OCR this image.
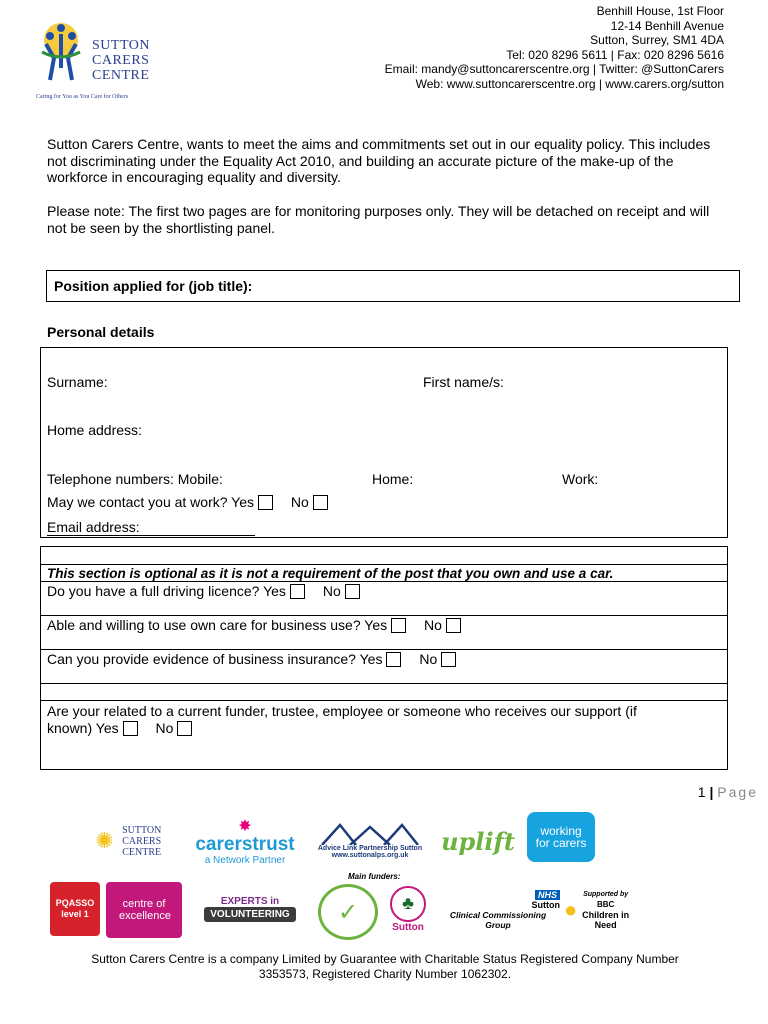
SUTTON
CARERS
CENTRE
Caring for You as You Care for Others
Benhill House, 1st Floor
12-14 Benhill Avenue
Sutton, Surrey, SM1 4DA
Tel: 020 8296 5611 | Fax: 020 8296 5616
Email: mandy@suttoncarerscentre.org | Twitter: @SuttonCarers
Web: www.suttoncarerscentre.org | www.carers.org/sutton
Sutton Carers Centre, wants to meet the aims and commitments set out in our equality policy. This includes not discriminating under the Equality Act 2010, and building an accurate picture of the make-up of the workforce in encouraging equality and diversity.
Please note: The first two pages are for monitoring purposes only. They will be detached on receipt and will not be seen by the shortlisting panel.
Position applied for (job title):
Personal details
Surname:	First name/s:
Home address:
Telephone numbers: Mobile:	Home:	Work:
May we contact you at work? Yes	No
Email address:
This section is optional as it is not a requirement of the post that you own and use a car.
Do you have a full driving licence? Yes	No
Able and willing to use own care for business use? Yes	No
Can you provide evidence of business insurance? Yes	No
Are your related to a current funder, trustee, employee or someone who receives our support (if
known) Yes	No
1 | Page
✺ SUTTON CARERS CENTRE
✸
carerstrust
a Network Partner
Advice Link Partnership Sutton
www.suttonalps.org.uk uplift	working for carers
PQASSO level 1
centre of excellence
EXPERTS in
VOLUNTEERING
Main funders:
✓	♣
Sutton
NHS
Sutton
Clinical Commissioning Group
●
Supported by
BBC
Children in Need
Sutton Carers Centre is a company Limited by Guarantee with Charitable Status Registered Company Number
3353573, Registered Charity Number 1062302.
